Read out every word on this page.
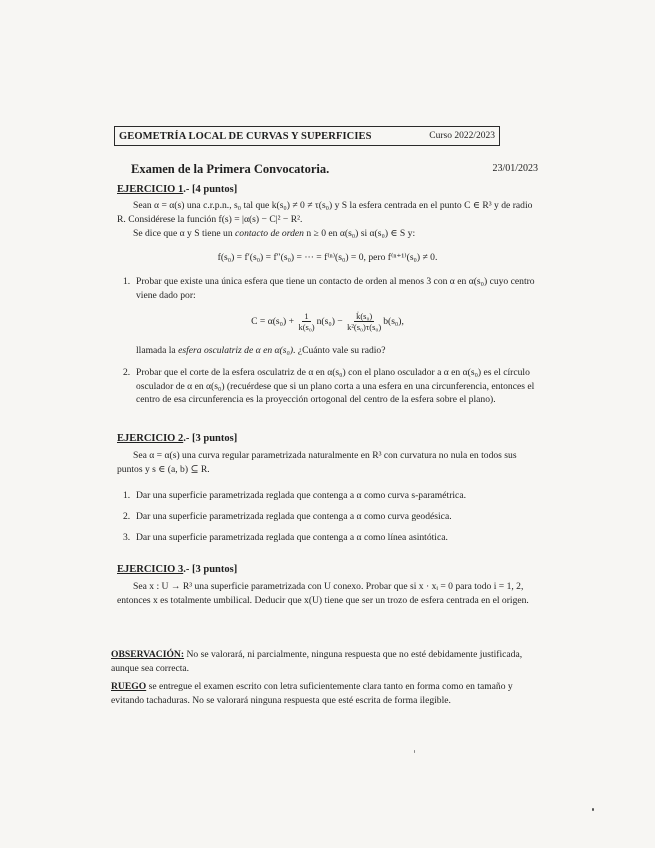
GEOMETRÍA LOCAL DE CURVAS Y SUPERFICIES	Curso 2022/2023
Examen de la Primera Convocatoria.	23/01/2023
EJERCICIO 1.- [4 puntos]
Sean α = α(s) una c.r.p.n., s₀ tal que k(s₀) ≠ 0 ≠ τ(s₀) y S la esfera centrada en el punto C ∈ R³ y de radio R. Considérese la función f(s) = |α(s) − C|² − R².
Se dice que α y S tiene un contacto de orden n ≥ 0 en α(s₀) si α(s₀) ∈ S y:
f(s₀) = f′(s₀) = f″(s₀) = ··· = f⁽ⁿ⁾(s₀) = 0, pero f⁽ⁿ⁺¹⁾(s₀) ≠ 0.
1. Probar que existe una única esfera que tiene un contacto de orden al menos 3 con α en α(s₀) cuyo centro viene dado por:
$C = \alpha(s_0) + \frac{1}{\text{k(s₀)}} n(s_0) - \frac{\text{k̇(s₀)}}{\text{k²(s₀)τ(s₀)}} b(s_0)$,
llamada la esfera osculatriz de α en α(s₀). ¿Cuánto vale su radio?
2. Probar que el corte de la esfera osculatriz de α en α(s₀) con el plano osculador a α en α(s₀) es el círculo osculador de α en α(s₀) (recuérdese que si un plano corta a una esfera en una circunferencia, entonces el centro de esa circunferencia es la proyección ortogonal del centro de la esfera sobre el plano).
EJERCICIO 2.- [3 puntos]
Sea α = α(s) una curva regular parametrizada naturalmente en R³ con curvatura no nula en todos sus puntos y s ∈ (a, b) ⊆ R.
1. Dar una superficie parametrizada reglada que contenga a α como curva s-paramétrica.
2. Dar una superficie parametrizada reglada que contenga a α como curva geodésica.
3. Dar una superficie parametrizada reglada que contenga a α como línea asintótica.
EJERCICIO 3.- [3 puntos]
Sea x : U → R³ una superficie parametrizada con U conexo. Probar que si x · xᵢ = 0 para todo i = 1, 2, entonces x es totalmente umbilical. Deducir que x(U) tiene que ser un trozo de esfera centrada en el origen.
OBSERVACIÓN: No se valorará, ni parcialmente, ninguna respuesta que no esté debidamente justificada, aunque sea correcta.
RUEGO se entregue el examen escrito con letra suficientemente clara tanto en forma como en tamaño y evitando tachaduras. No se valorará ninguna respuesta que esté escrita de forma ilegible.
